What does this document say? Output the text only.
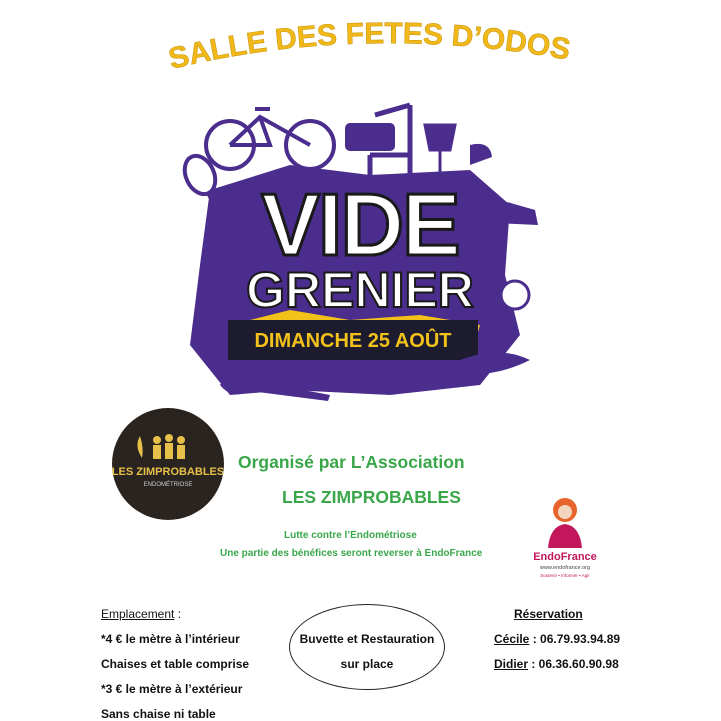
SALLE DES FETES D’ODOS
VIDE
GRENIER
DIMANCHE 25 AOÛT
LES ZIMPROBABLES
ENDOMÉTRIOSE
Organisé par L’Association
LES ZIMPROBABLES
Lutte contre l’Endométriose
Une partie des bénéfices seront reverser à EndoFrance	EndoFrance
www.endofrance.org
Soutenir • Informer • Agir
Emplacement :
*4 € le mètre à l’intérieur
Chaises et table comprise
*3 € le mètre à l’extérieur
Sans chaise ni table
Buvette et Restauration
sur place
Réservation
Cécile : 06.79.93.94.89
Didier : 06.36.60.90.98
